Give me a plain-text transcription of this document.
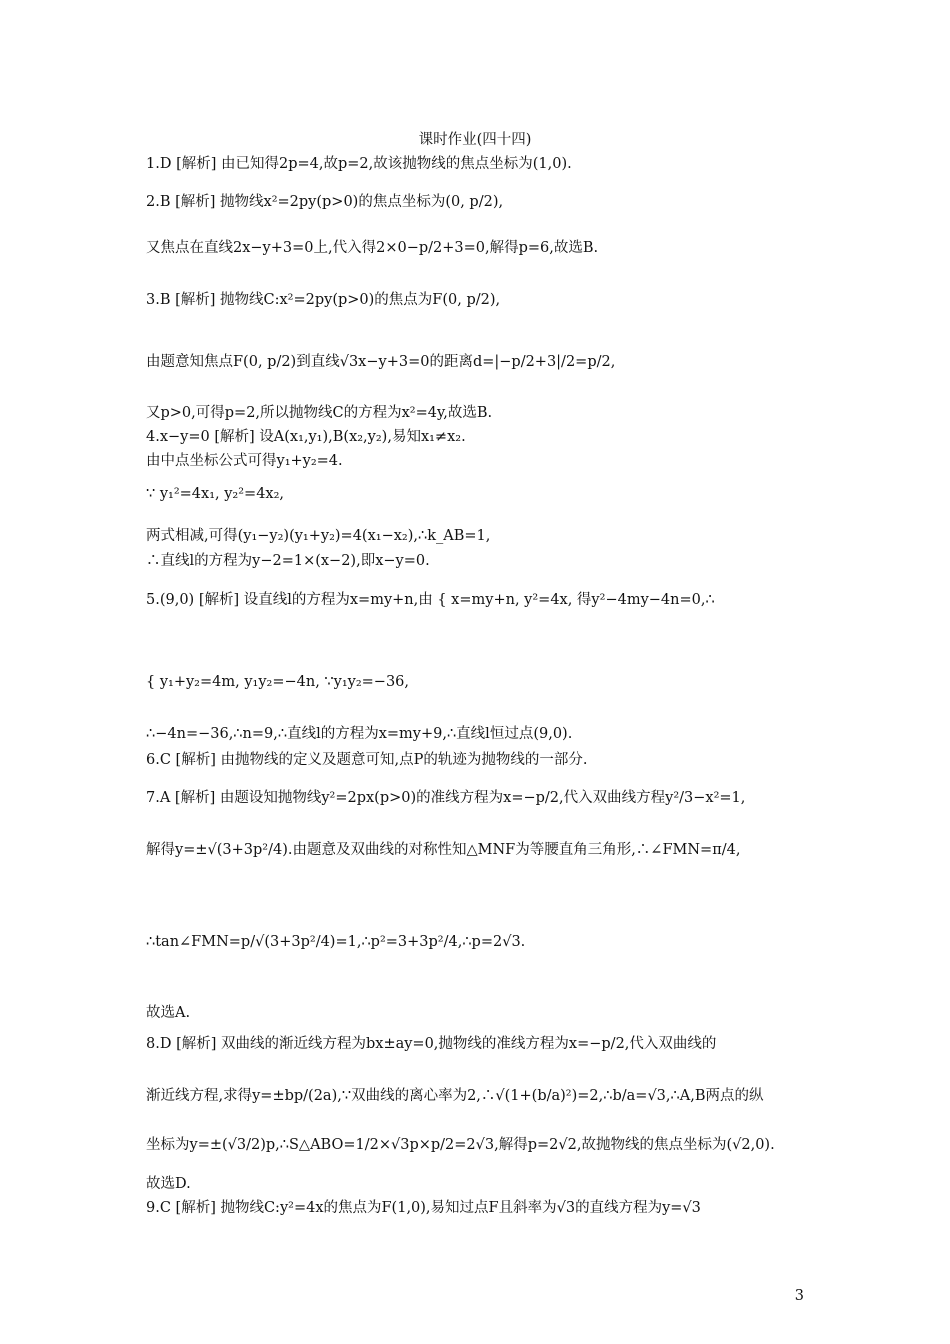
课时作业(四十四)
1.D [解析] 由已知得2p=4,故p=2,故该抛物线的焦点坐标为(1,0).
2.B [解析] 抛物线x²=2py(p>0)的焦点坐标为(0, p/2),
又焦点在直线2x−y+3=0上,代入得2×0−p/2+3=0,解得p=6,故选B.
3.B [解析] 抛物线C:x²=2py(p>0)的焦点为F(0, p/2),
由题意知焦点F(0, p/2)到直线√3x−y+3=0的距离d=|−p/2+3|/2=p/2,
又p>0,可得p=2,所以抛物线C的方程为x²=4y,故选B.
4.x−y=0 [解析] 设A(x₁,y₁),B(x₂,y₂),易知x₁≠x₂.
由中点坐标公式可得y₁+y₂=4.
∵ y₁²=4x₁, y₂²=4x₂,
两式相减,可得(y₁−y₂)(y₁+y₂)=4(x₁−x₂),∴k_AB=1,
∴直线l的方程为y−2=1×(x−2),即x−y=0.
5.(9,0) [解析] 设直线l的方程为x=my+n,由 { x=my+n, y²=4x, 得y²−4my−4n=0,∴
{ y₁+y₂=4m, y₁y₂=−4n, ∵y₁y₂=−36,
∴−4n=−36,∴n=9,∴直线l的方程为x=my+9,∴直线l恒过点(9,0).
6.C [解析] 由抛物线的定义及题意可知,点P的轨迹为抛物线的一部分.
7.A [解析] 由题设知抛物线y²=2px(p>0)的准线方程为x=−p/2,代入双曲线方程y²/3−x²=1,
解得y=±√(3+3p²/4).由题意及双曲线的对称性知△MNF为等腰直角三角形,∴∠FMN=π/4,
∴tan∠FMN=p/√(3+3p²/4)=1,∴p²=3+3p²/4,∴p=2√3.
故选A.
8.D [解析] 双曲线的渐近线方程为bx±ay=0,抛物线的准线方程为x=−p/2,代入双曲线的
渐近线方程,求得y=±bp/(2a),∵双曲线的离心率为2,∴√(1+(b/a)²)=2,∴b/a=√3,∴A,B两点的纵
坐标为y=±(√3/2)p,∴S△ABO=1/2×√3p×p/2=2√3,解得p=2√2,故抛物线的焦点坐标为(√2,0).
故选D.
9.C [解析] 抛物线C:y²=4x的焦点为F(1,0),易知过点F且斜率为√3的直线方程为y=√3
3
